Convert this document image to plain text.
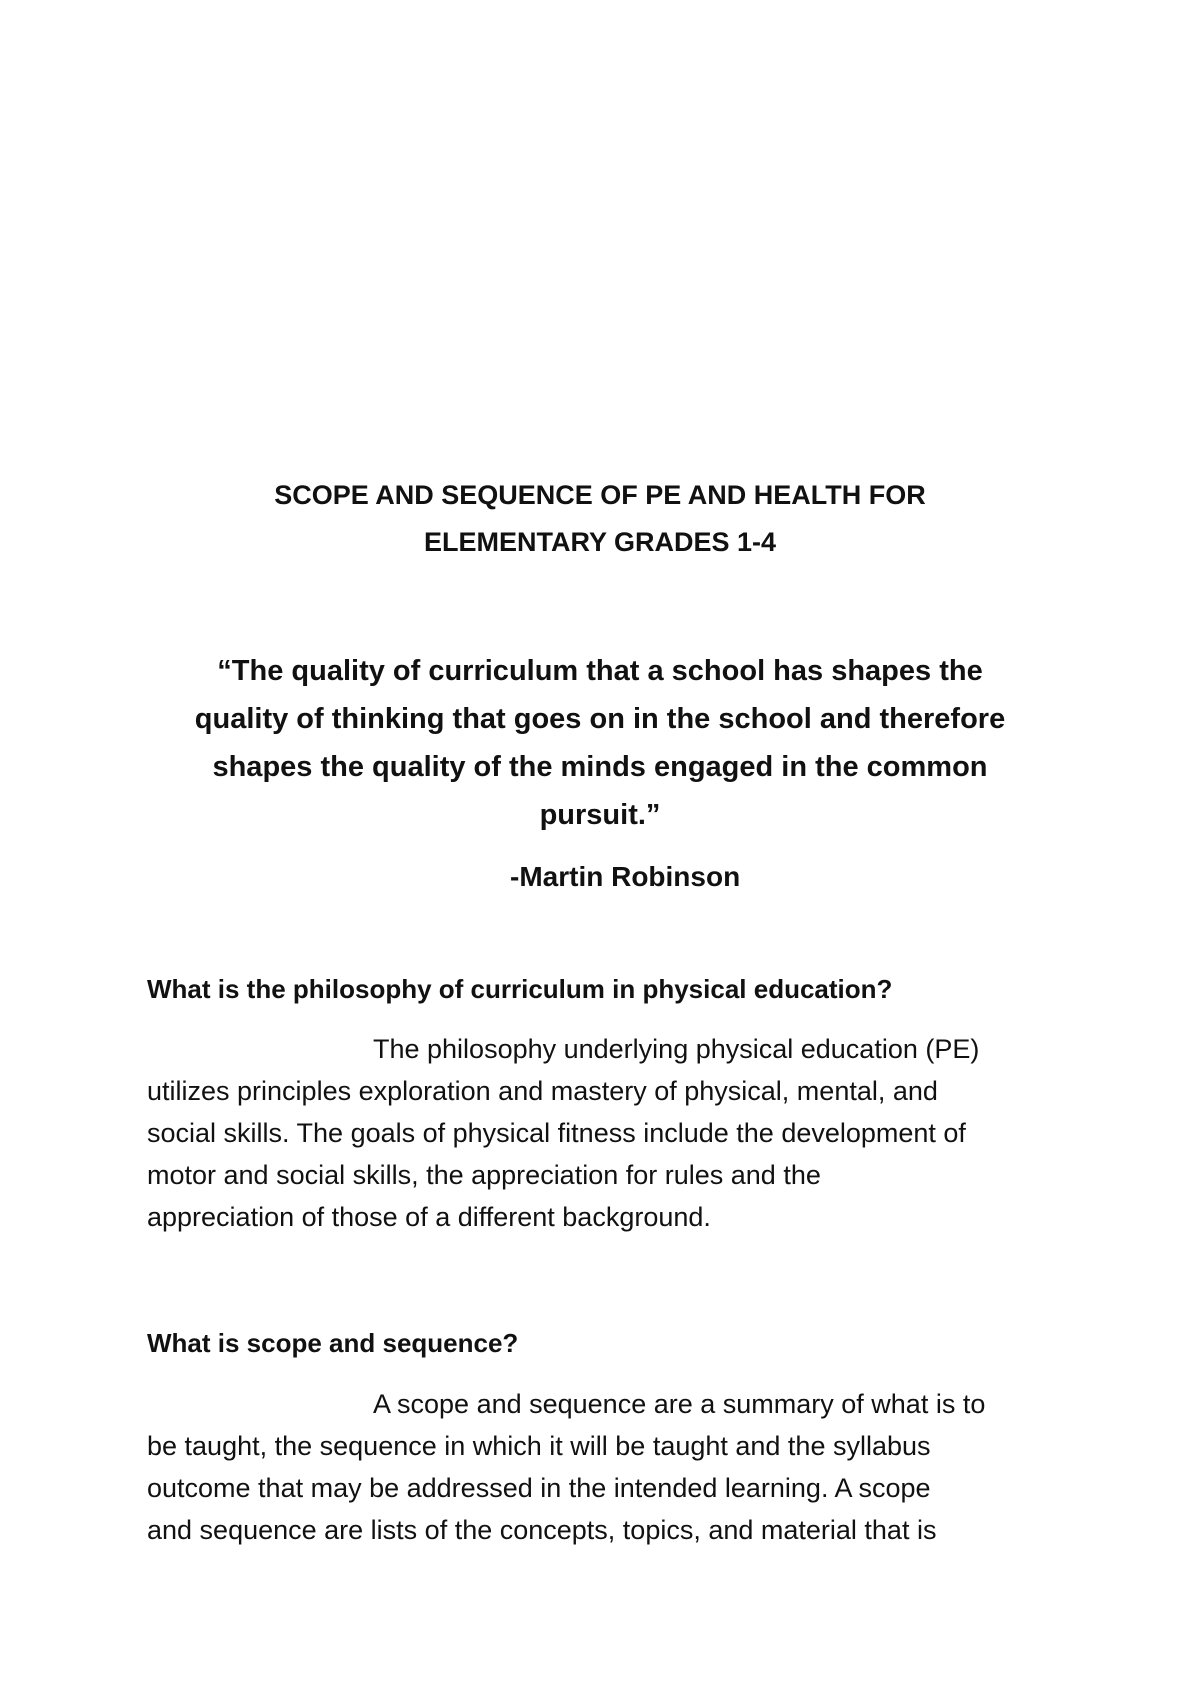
SCOPE AND SEQUENCE OF PE AND HEALTH FOR

ELEMENTARY GRADES 1-4

“The quality of curriculum that a school has shapes the
quality of thinking that goes on in the school and therefore
shapes the quality of the minds engaged in the common
pursuit.”

-Martin Robinson

What is the philosophy of curriculum in physical education?

The philosophy underlying physical education (PE)
utilizes principles exploration and mastery of physical, mental, and
social skills. The goals of physical fitness include the development of
motor and social skills, the appreciation for rules and the
appreciation of those of a different background.

What is scope and sequence?

A scope and sequence are a summary of what is to
be taught, the sequence in which it will be taught and the syllabus
outcome that may be addressed in the intended learning. A scope
and sequence are lists of the concepts, topics, and material that is
